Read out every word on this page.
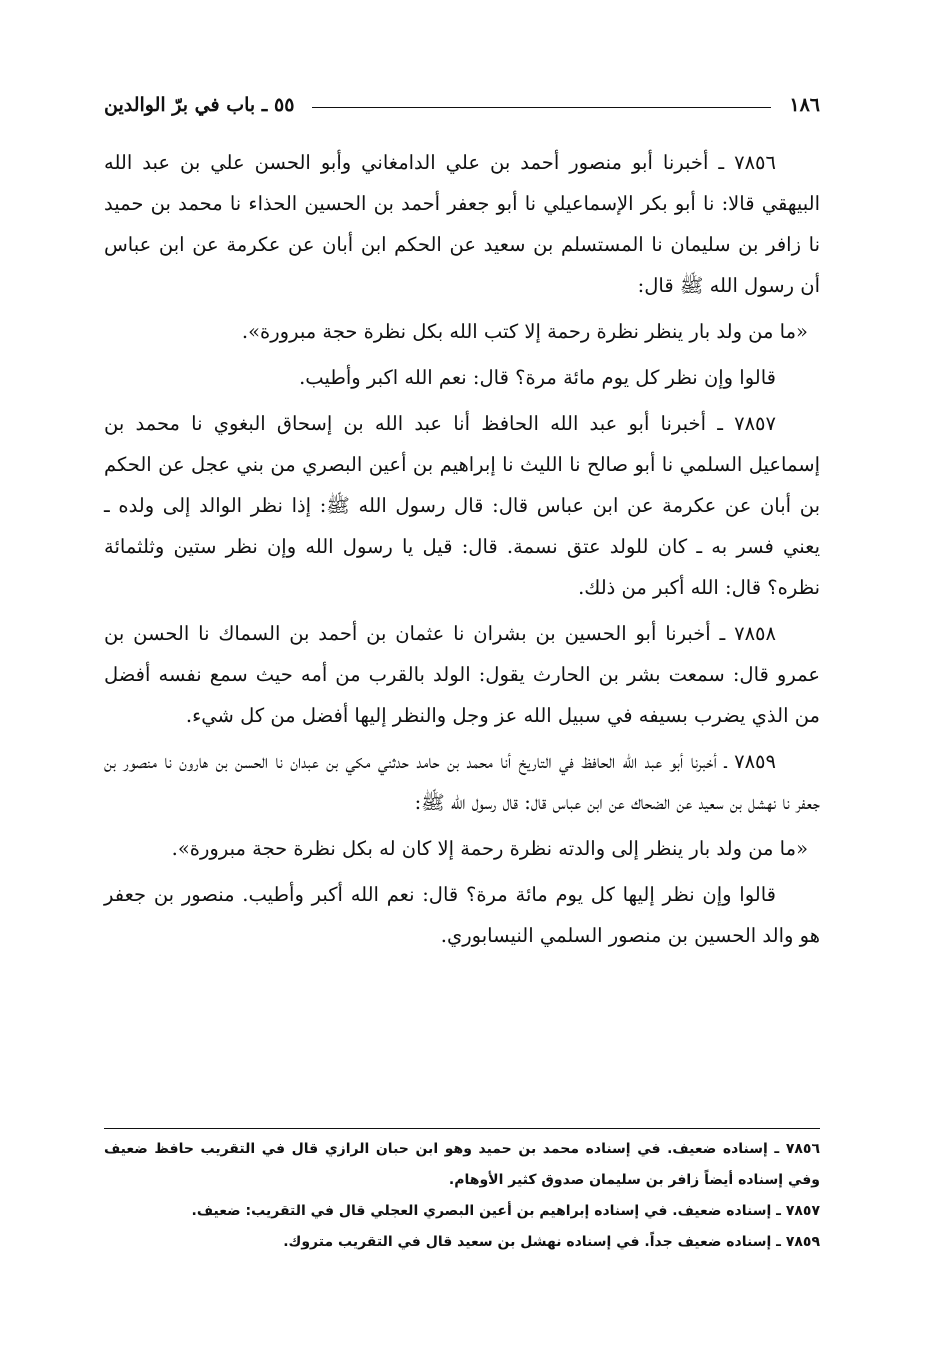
١٨٦
٥٥ ـ باب في برّ الوالدين

٧٨٥٦ ـ أخبرنا أبو منصور أحمد بن علي الدامغاني وأبو الحسن علي بن عبد الله البيهقي قالا: نا أبو بكر الإسماعيلي نا أبو جعفر أحمد بن الحسين الحذاء نا محمد بن حميد نا زافر بن سليمان نا المستسلم بن سعيد عن الحكم ابن أبان عن عكرمة عن ابن عباس أن رسول الله ﷺ قال:

«ما من ولد بار ينظر نظرة رحمة إلا كتب الله بكل نظرة حجة مبرورة».

قالوا وإن نظر كل يوم مائة مرة؟ قال: نعم الله اكبر وأطيب.

٧٨٥٧ ـ أخبرنا أبو عبد الله الحافظ أنا عبد الله بن إسحاق البغوي نا محمد بن إسماعيل السلمي نا أبو صالح نا الليث نا إبراهيم بن أعين البصري من بني عجل عن الحكم بن أبان عن عكرمة عن ابن عباس قال: قال رسول الله ﷺ: إذا نظر الوالد إلى ولده ـ يعني فسر به ـ كان للولد عتق نسمة. قال: قيل يا رسول الله وإن نظر ستين وثلثمائة نظره؟ قال: الله أكبر من ذلك.

٧٨٥٨ ـ أخبرنا أبو الحسين بن بشران نا عثمان بن أحمد بن السماك نا الحسن بن عمرو قال: سمعت بشر بن الحارث يقول: الولد بالقرب من أمه حيث سمع نفسه أفضل من الذي يضرب بسيفه في سبيل الله عز وجل والنظر إليها أفضل من كل شيء.

٧٨٥٩ ـ أخبرنا أبو عبد الله الحافظ في التاريخ أنا محمد بن حامد حدثني مكي بن عبدان نا الحسن بن هارون نا منصور بن جعفر نا نهشل بن سعيد عن الضحاك عن ابن عباس قال: قال رسول الله ﷺ:

«ما من ولد بار ينظر إلى والدته نظرة رحمة إلا كان له بكل نظرة حجة مبرورة».

قالوا وإن نظر إليها كل يوم مائة مرة؟ قال: نعم الله أكبر وأطيب. منصور بن جعفر هو والد الحسين بن منصور السلمي النيسابوري.

٧٨٥٦ ـ إسناده ضعيف. في إسناده محمد بن حميد وهو ابن حبان الرازي قال في التقريب حافظ ضعيف وفي إسناده أيضاً زافر بن سليمان صدوق كثير الأوهام.

٧٨٥٧ ـ إسناده ضعيف. في إسناده إبراهيم بن أعين البصري العجلي قال في التقريب: ضعيف.

٧٨٥٩ ـ إسناده ضعيف جداً. في إسناده نهشل بن سعيد قال في التقريب متروك.
